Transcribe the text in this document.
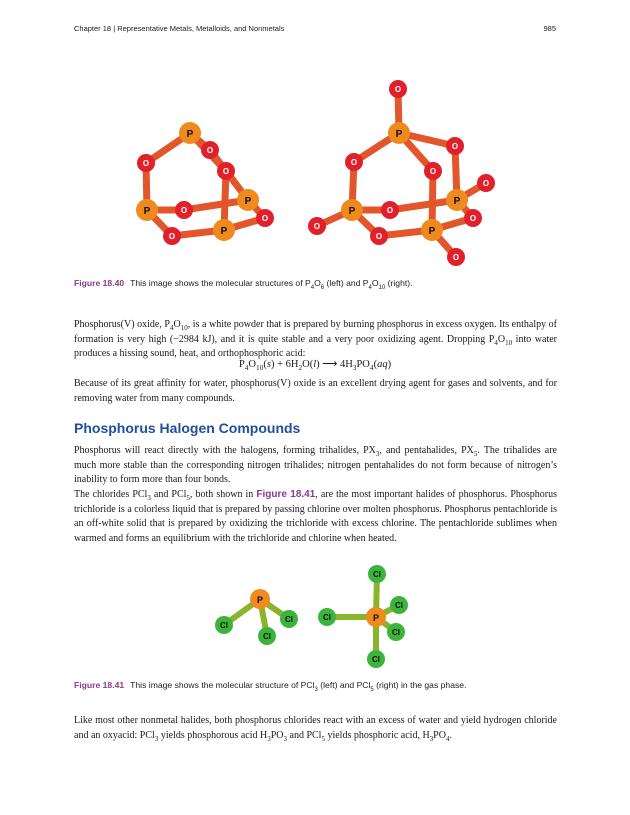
Chapter 18 | Representative Metals, Metalloids, and Nonmetals	985
O
O
O
O
O
O
P
P
P
P
O
O
O
O
O
O
O
O
O
O
P
P
P
P
Figure 18.40 This image shows the molecular structures of $P_4O_6$ (left) and $P_4O_{10}$ (right).

Phosphorus(V) oxide, $P_4O_{10}$, is a white powder that is prepared by burning phosphorus in excess oxygen. Its enthalpy of formation is very high (−2984 kJ), and it is quite stable and a very poor oxidizing agent. Dropping $P_4O_{10}$ into water produces a hissing sound, heat, and orthophosphoric acid:

$P_4O_{10}(s) + 6H_2O(l)$ ⟶ $4H_3PO_4(aq)$

Because of its great affinity for water, phosphorus(V) oxide is an excellent drying agent for gases and solvents, and for removing water from many compounds.

Phosphorus Halogen Compounds

Phosphorus will react directly with the halogens, forming trihalides, $PX_3$, and pentahalides, $PX_5$. The trihalides are much more stable than the corresponding nitrogen trihalides; nitrogen pentahalides do not form because of nitrogen’s inability to form more than four bonds.

The chlorides PCl$_3$ and PCl$_5$, both shown in Figure 18.41, are the most important halides of phosphorus. Phosphorus trichloride is a colorless liquid that is prepared by passing chlorine over molten phosphorus. Phosphorus pentachloride is an off-white solid that is prepared by oxidizing the trichloride with excess chlorine. The pentachloride sublimes when warmed and forms an equilibrium with the trichloride and chlorine when heated.

Cl
Cl
Cl
P
Cl
Cl
Cl
Cl
Cl
P
Figure 18.41 This image shows the molecular structure of PCl$_3$ (left) and PCl$_5$ (right) in the gas phase.

Like most other nonmetal halides, both phosphorus chlorides react with an excess of water and yield hydrogen chloride and an oxyacid: PCl$_3$ yields phosphorous acid $H_3PO_3$ and PCl$_5$ yields phosphoric acid, $H_3PO_4$.
